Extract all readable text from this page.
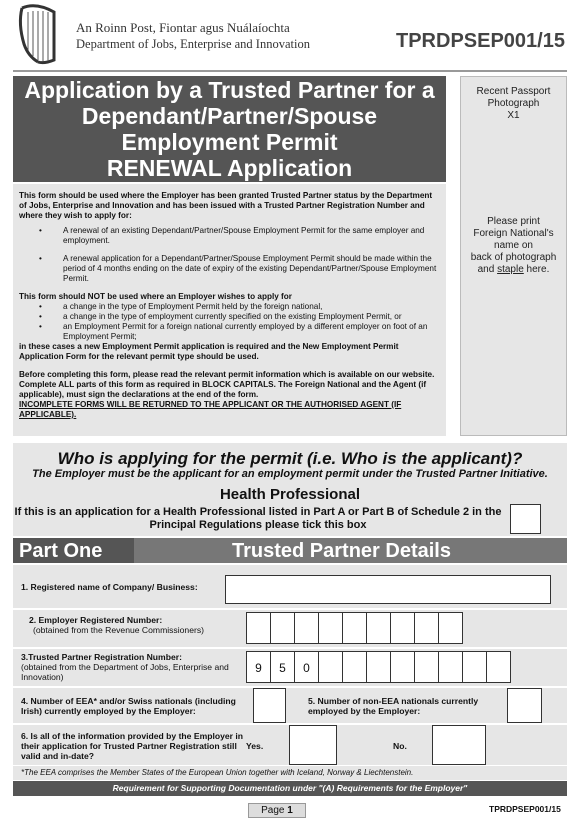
An Roinn Post, Fiontar agus Nuálaíochta
Department of Jobs, Enterprise and Innovation	TPRDPSEP001/15
Application by a Trusted Partner for a
Dependant/Partner/Spouse
Employment Permit
RENEWAL Application
Recent Passport
Photograph
X1
Please print
Foreign National's
name on
back of photograph
and staple here.

This form should be used where the Employer has been granted Trusted Partner status by the Department of Jobs, Enterprise and Innovation and has been issued with a Trusted Partner Registration Number and where they wish to apply for:

• A renewal of an existing Dependant/Partner/Spouse Employment Permit for the same employer and employment.
• A renewal application for a Dependant/Partner/Spouse Employment Permit should be made within the period of 4 months ending on the date of expiry of the existing Dependant/Partner/Spouse Employment Permit.

This form should NOT be used where an Employer wishes to apply for

• a change in the type of Employment Permit held by the foreign national,
• a change in the type of employment currently specified on the existing Employment Permit, or
• an Employment Permit for a foreign national currently employed by a different employer on foot of an Employment Permit;

in these cases a new Employment Permit application is required and the New Employment Permit Application Form for the relevant permit type should be used.

Before completing this form, please read the relevant permit information which is available on our website. Complete ALL parts of this form as required in BLOCK CAPITALS. The Foreign National and the Agent (if applicable), must sign the declarations at the end of the form.

INCOMPLETE FORMS WILL BE RETURNED TO THE APPLICANT OR THE AUTHORISED AGENT (IF APPLICABLE).

Who is applying for the permit (i.e. Who is the applicant)?
The Employer must be the applicant for an employment permit under the Trusted Partner Initiative.
Health Professional
If this is an application for a Health Professional listed in Part A or Part B of Schedule 2 in the
Principal Regulations please tick this box
Part One	Trusted Partner Details
1. Registered name of Company/ Business:
2. Employer Registered Number:
(obtained from the Revenue Commissioners)
3.Trusted Partner Registration Number:
(obtained from the Department of Jobs, Enterprise and Innovation)
9	5	0
4. Number of EEA* and/or Swiss nationals (including Irish) currently employed by the Employer:
5. Number of non-EEA nationals currently employed by the Employer:
6. Is all of the information provided by the Employer in their application for Trusted Partner Registration still valid and in-date?
Yes.	No.
*The EEA comprises the Member States of the European Union together with Iceland, Norway & Liechtenstein.
Requirement for Supporting Documentation under "(A) Requirements for the Employer"
Page 1	TPRDPSEP001/15
